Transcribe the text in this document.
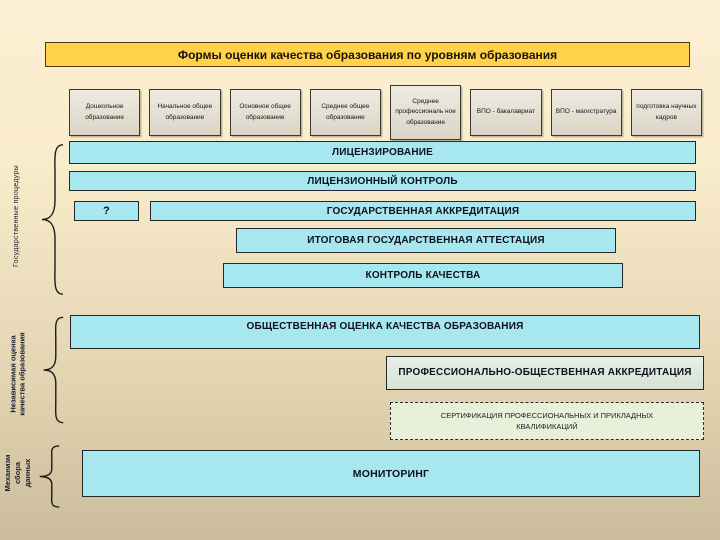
Формы оценки качества образования по уровням образования
Дошкольное образование
Начальное общее образование
Основное общее образование
Среднее общее образование
Среднее профессиональ ное образование
ВПО - бакалавриат	ВПО - магистратура
подготовка научных кадров
ЛИЦЕНЗИРОВАНИЕ
ЛИЦЕНЗИОННЫЙ КОНТРОЛЬ
?	ГОСУДАРСТВЕННАЯ АККРЕДИТАЦИЯ
ИТОГОВАЯ ГОСУДАРСТВЕННАЯ АТТЕСТАЦИЯ
КОНТРОЛЬ КАЧЕСТВА
ОБЩЕСТВЕННАЯ ОЦЕНКА КАЧЕСТВА ОБРАЗОВАНИЯ
ПРОФЕССИОНАЛЬНО-ОБЩЕСТВЕННАЯ АККРЕДИТАЦИЯ
СЕРТИФИКАЦИЯ ПРОФЕССИОНАЛЬНЫХ И ПРИКЛАДНЫХ КВАЛИФИКАЦИЙ
МОНИТОРИНГ
Государственные процедуры
Независимая оценка качества образования
Механизм сбора данных
